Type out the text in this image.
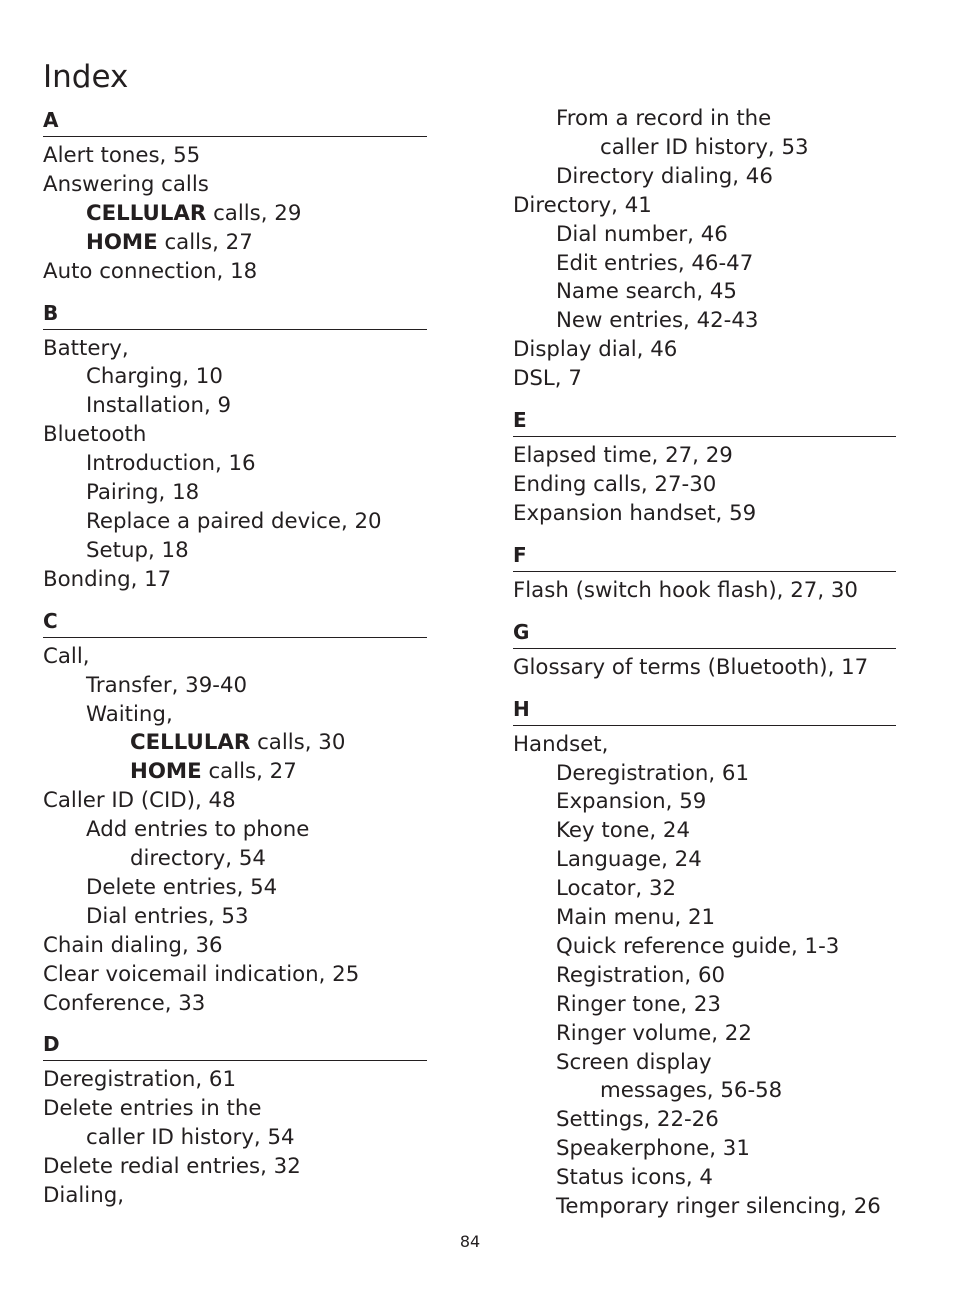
Index
A
Alert tones, 55
Answering calls
CELLULAR calls, 29
HOME calls, 27
Auto connection, 18
B
Battery,
Charging, 10
Installation, 9
Bluetooth
Introduction, 16
Pairing, 18
Replace a paired device, 20
Setup, 18
Bonding, 17
C
Call,
Transfer, 39-40
Waiting,
CELLULAR calls, 30
HOME calls, 27
Caller ID (CID), 48
Add entries to phone
directory, 54
Delete entries, 54
Dial entries, 53
Chain dialing, 36
Clear voicemail indication, 25
Conference, 33
D
Deregistration, 61
Delete entries in the
caller ID history, 54
Delete redial entries, 32
Dialing,
From a record in the
caller ID history, 53
Directory dialing, 46
Directory, 41
Dial number, 46
Edit entries, 46-47
Name search, 45
New entries, 42-43
Display dial, 46
DSL, 7
E
Elapsed time, 27, 29
Ending calls, 27-30
Expansion handset, 59
F
Flash (switch hook flash), 27, 30
G
Glossary of terms (Bluetooth), 17
H
Handset,
Deregistration, 61
Expansion, 59
Key tone, 24
Language, 24
Locator, 32
Main menu, 21
Quick reference guide, 1-3
Registration, 60
Ringer tone, 23
Ringer volume, 22
Screen display
messages, 56-58
Settings, 22-26
Speakerphone, 31
Status icons, 4
Temporary ringer silencing, 26
84
